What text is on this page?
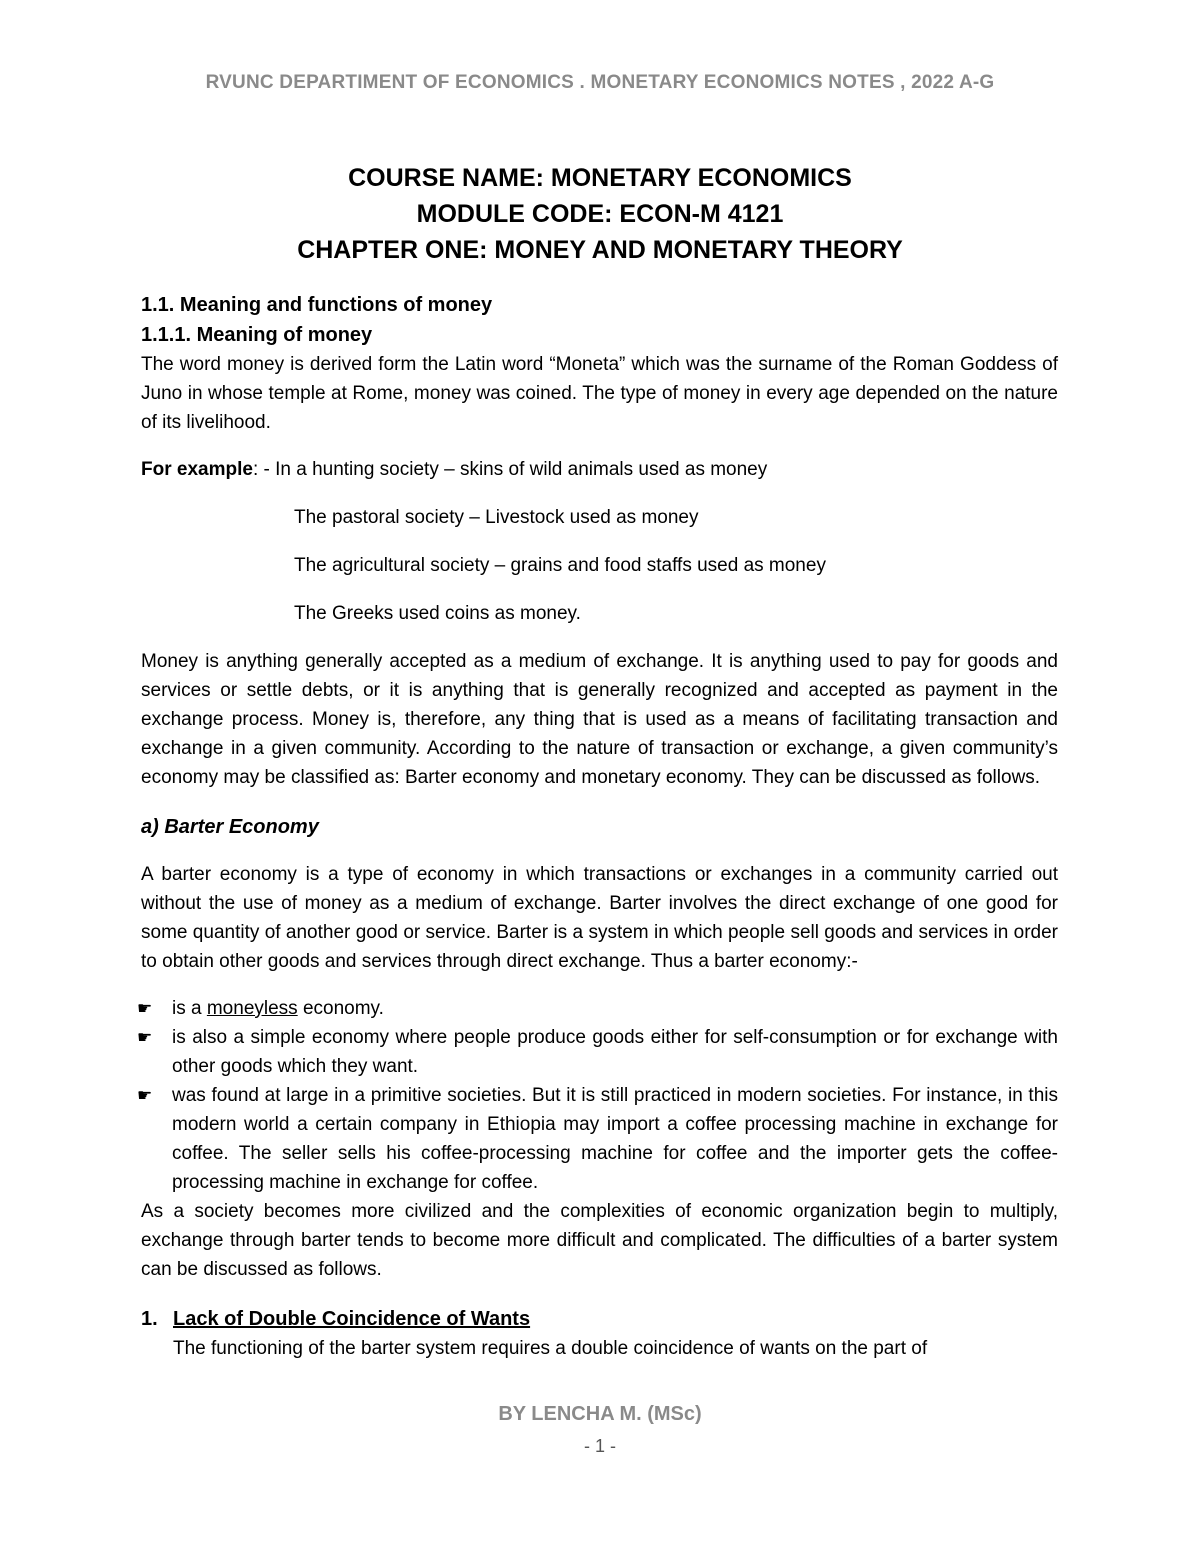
RVUNC DEPARTIMENT OF ECONOMICS . MONETARY ECONOMICS NOTES , 2022 A-G
COURSE NAME: MONETARY ECONOMICS
MODULE CODE: ECON-M 4121
CHAPTER ONE: MONEY AND MONETARY THEORY

1.1. Meaning and functions of money

1.1.1. Meaning of money

The word money is derived form the Latin word “Moneta” which was the surname of the Roman Goddess of Juno in whose temple at Rome, money was coined. The type of money in every age depended on the nature of its livelihood.

For example: - In a hunting society – skins of wild animals used as money

The pastoral society – Livestock used as money

The agricultural society – grains and food staffs used as money

The Greeks used coins as money.

Money is anything generally accepted as a medium of exchange. It is anything used to pay for goods and services or settle debts, or it is anything that is generally recognized and accepted as payment in the exchange process. Money is, therefore, any thing that is used as a means of facilitating transaction and exchange in a given community. According to the nature of transaction or exchange, a given community’s economy may be classified as: Barter economy and monetary economy. They can be discussed as follows.

a) Barter Economy

A barter economy is a type of economy in which transactions or exchanges in a community carried out without the use of money as a medium of exchange. Barter involves the direct exchange of one good for some quantity of another good or service. Barter is a system in which people sell goods and services in order to obtain other goods and services through direct exchange. Thus a barter economy:-

☛ is a moneyless economy.
☛ is also a simple economy where people produce goods either for self-consumption or for exchange with other goods which they want.
☛ was found at large in a primitive societies. But it is still practiced in modern societies. For instance, in this modern world a certain company in Ethiopia may import a coffee processing machine in exchange for coffee. The seller sells his coffee-processing machine for coffee and the importer gets the coffee-processing machine in exchange for coffee.

As a society becomes more civilized and the complexities of economic organization begin to multiply, exchange through barter tends to become more difficult and complicated. The difficulties of a barter system can be discussed as follows.

1. Lack of Double Coincidence of Wants

The functioning of the barter system requires a double coincidence of wants on the part of

BY LENCHA M. (MSc)
- 1 -
